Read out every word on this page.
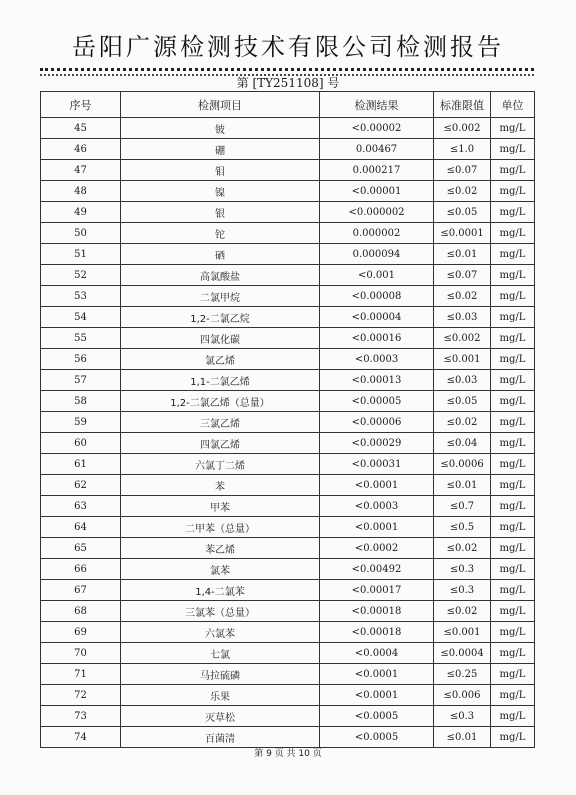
岳阳广源检测技术有限公司检测报告
第 [TY251108] 号
序号	检测项目	检测结果	标准限值	单位
45	铍	<0.00002	≤0.002	mg/L
46	硼	0.00467	≤1.0	mg/L
47	钼	0.000217	≤0.07	mg/L
48	镍	<0.00001	≤0.02	mg/L
49	银	<0.000002	≤0.05	mg/L
50	铊	0.000002	≤0.0001	mg/L
51	硒	0.000094	≤0.01	mg/L
52	高氯酸盐	<0.001	≤0.07	mg/L
53	二氯甲烷	<0.00008	≤0.02	mg/L
54	1,2-二氯乙烷	<0.00004	≤0.03	mg/L
55	四氯化碳	<0.00016	≤0.002	mg/L
56	氯乙烯	<0.0003	≤0.001	mg/L
57	1,1-二氯乙烯	<0.00013	≤0.03	mg/L
58	1,2-二氯乙烯（总量）	<0.00005	≤0.05	mg/L
59	三氯乙烯	<0.00006	≤0.02	mg/L
60	四氯乙烯	<0.00029	≤0.04	mg/L
61	六氯丁二烯	<0.00031	≤0.0006	mg/L
62	苯	<0.0001	≤0.01	mg/L
63	甲苯	<0.0003	≤0.7	mg/L
64	二甲苯（总量）	<0.0001	≤0.5	mg/L
65	苯乙烯	<0.0002	≤0.02	mg/L
66	氯苯	<0.00492	≤0.3	mg/L
67	1,4-二氯苯	<0.00017	≤0.3	mg/L
68	三氯苯（总量）	<0.00018	≤0.02	mg/L
69	六氯苯	<0.00018	≤0.001	mg/L
70	七氯	<0.0004	≤0.0004	mg/L
71	马拉硫磷	<0.0001	≤0.25	mg/L
72	乐果	<0.0001	≤0.006	mg/L
73	灭草松	<0.0005	≤0.3	mg/L
74	百菌清	<0.0005	≤0.01	mg/L
第 9 页 共 10 页
